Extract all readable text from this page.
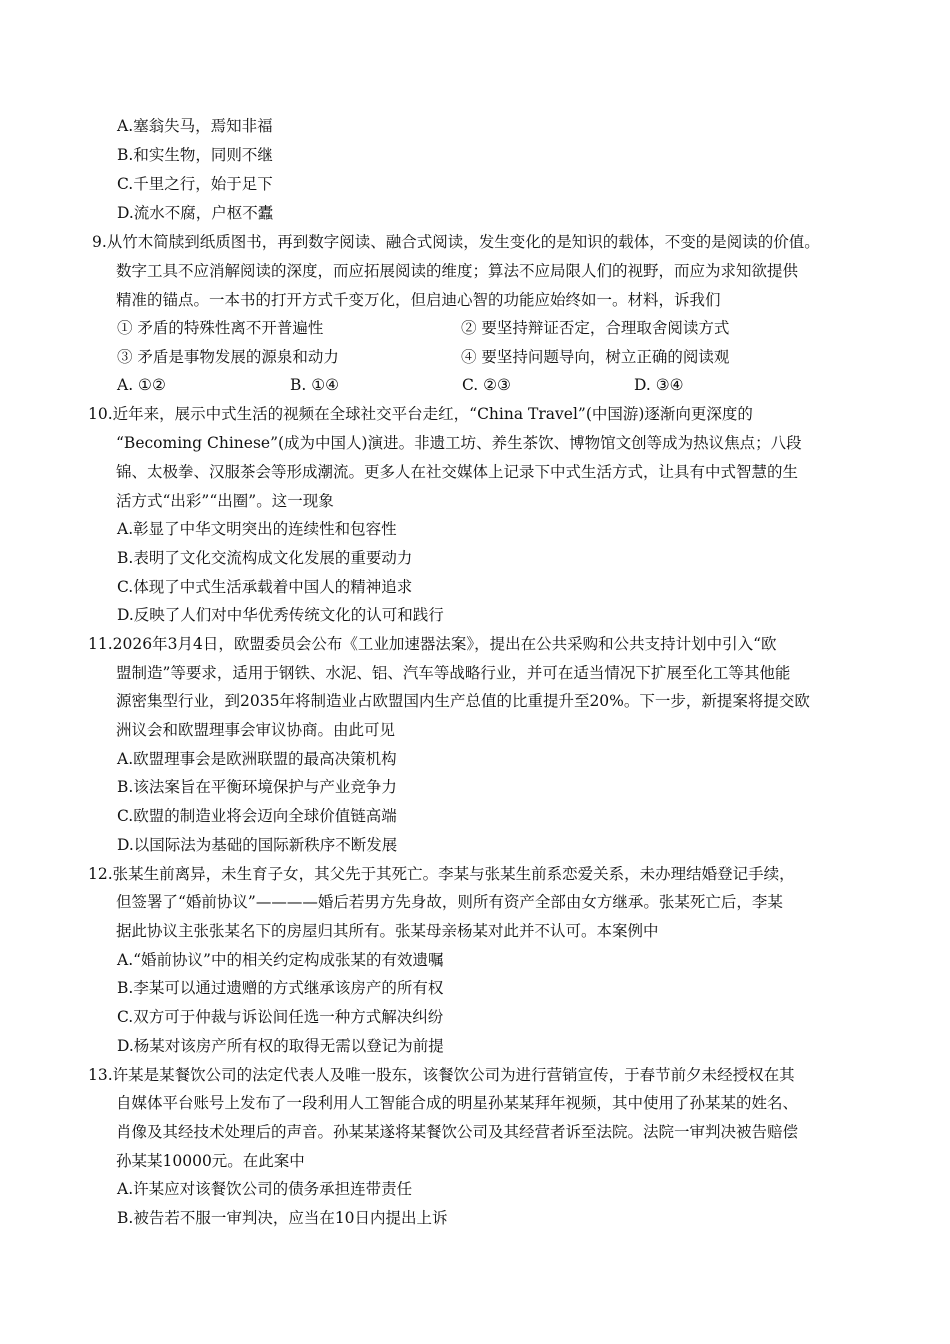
A.塞翁失马，焉知非福
B.和实生物，同则不继
C.千里之行，始于足下
D.流水不腐，户枢不蠹
9.从竹木简牍到纸质图书，再到数字阅读、融合式阅读，发生变化的是知识的载体，不变的是阅读的价值。
数字工具不应消解阅读的深度，而应拓展阅读的维度；算法不应局限人们的视野，而应为求知欲提供
精准的锚点。一本书的打开方式千变万化，但启迪心智的功能应始终如一。材料，诉我们
① 矛盾的特殊性离不开普遍性	② 要坚持辩证否定，合理取舍阅读方式
③ 矛盾是事物发展的源泉和动力	④ 要坚持问题导向，树立正确的阅读观
A. ①②	B. ①④	C. ②③	D. ③④
10.近年来，展示中式生活的视频在全球社交平台走红，“China Travel”(中国游)逐渐向更深度的
“Becoming Chinese”(成为中国人)演进。非遗工坊、养生茶饮、博物馆文创等成为热议焦点；八段
锦、太极拳、汉服茶会等形成潮流。更多人在社交媒体上记录下中式生活方式，让具有中式智慧的生
活方式“出彩”“出圈”。这一现象
A.彰显了中华文明突出的连续性和包容性
B.表明了文化交流构成文化发展的重要动力
C.体现了中式生活承载着中国人的精神追求
D.反映了人们对中华优秀传统文化的认可和践行
11.2026年3月4日，欧盟委员会公布《工业加速器法案》，提出在公共采购和公共支持计划中引入“欧
盟制造”等要求，适用于钢铁、水泥、铝、汽车等战略行业，并可在适当情况下扩展至化工等其他能
源密集型行业，到2035年将制造业占欧盟国内生产总值的比重提升至20%。下一步，新提案将提交欧
洲议会和欧盟理事会审议协商。由此可见
A.欧盟理事会是欧洲联盟的最高决策机构
B.该法案旨在平衡环境保护与产业竞争力
C.欧盟的制造业将会迈向全球价值链高端
D.以国际法为基础的国际新秩序不断发展
12.张某生前离异，未生育子女，其父先于其死亡。李某与张某生前系恋爱关系，未办理结婚登记手续，
但签署了“婚前协议”————婚后若男方先身故，则所有资产全部由女方继承。张某死亡后，李某
据此协议主张张某名下的房屋归其所有。张某母亲杨某对此并不认可。本案例中
A.“婚前协议”中的相关约定构成张某的有效遗嘱
B.李某可以通过遗赠的方式继承该房产的所有权
C.双方可于仲裁与诉讼间任选一种方式解决纠纷
D.杨某对该房产所有权的取得无需以登记为前提
13.许某是某餐饮公司的法定代表人及唯一股东，该餐饮公司为进行营销宣传，于春节前夕未经授权在其
自媒体平台账号上发布了一段利用人工智能合成的明星孙某某拜年视频，其中使用了孙某某的姓名、
肖像及其经技术处理后的声音。孙某某遂将某餐饮公司及其经营者诉至法院。法院一审判决被告赔偿
孙某某10000元。在此案中
A.许某应对该餐饮公司的债务承担连带责任
B.被告若不服一审判决，应当在10日内提出上诉
